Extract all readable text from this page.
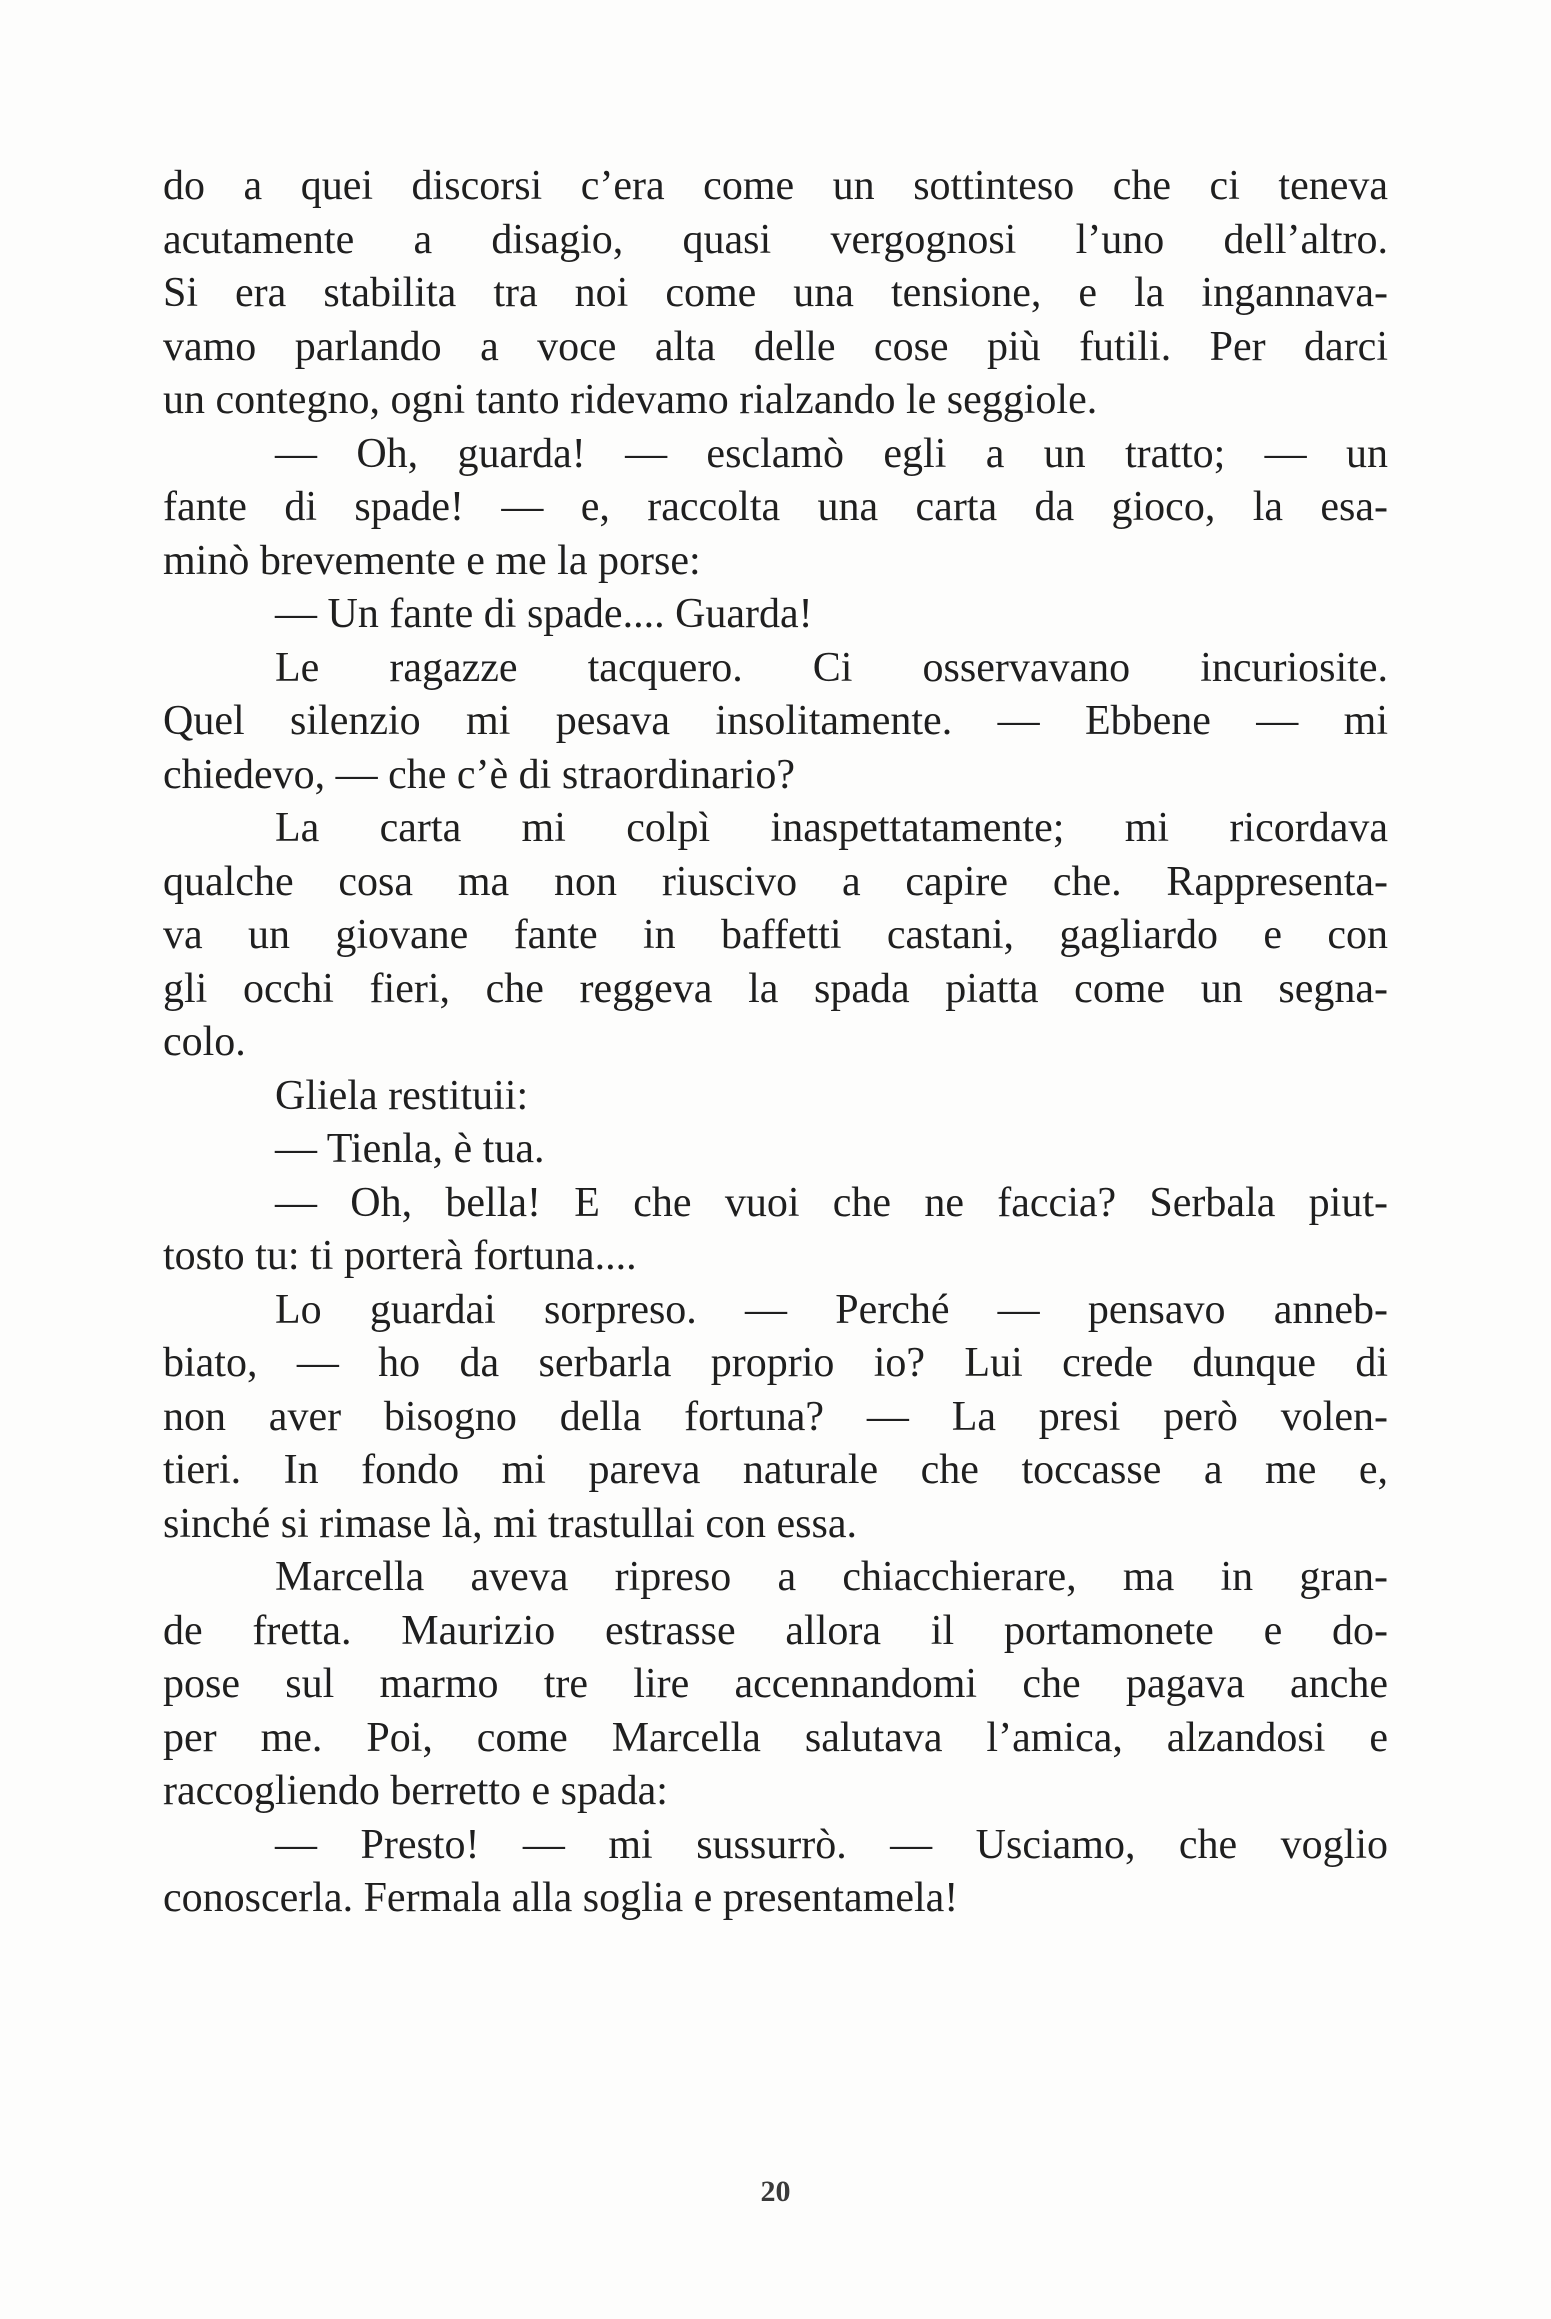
do a quei discorsi c’era come un sottinteso che ci teneva
acutamente a disagio, quasi vergognosi l’uno dell’altro.
Si era stabilita tra noi come una tensione, e la ingannava-
vamo parlando a voce alta delle cose più futili. Per darci
un contegno, ogni tanto ridevamo rialzando le seggiole.
— Oh, guarda! — esclamò egli a un tratto; — un
fante di spade! — e, raccolta una carta da gioco, la esa-
minò brevemente e me la porse:
— Un fante di spade.... Guarda!
Le ragazze tacquero. Ci osservavano incuriosite.
Quel silenzio mi pesava insolitamente. — Ebbene — mi
chiedevo, — che c’è di straordinario?
La carta mi colpì inaspettatamente; mi ricordava
qualche cosa ma non riuscivo a capire che. Rappresenta-
va un giovane fante in baffetti castani, gagliardo e con
gli occhi fieri, che reggeva la spada piatta come un segna-
colo.
Gliela restituii:
— Tienla, è tua.
— Oh, bella! E che vuoi che ne faccia? Serbala piut-
tosto tu: ti porterà fortuna....
Lo guardai sorpreso. — Perché — pensavo anneb-
biato, — ho da serbarla proprio io? Lui crede dunque di
non aver bisogno della fortuna? — La presi però volen-
tieri. In fondo mi pareva naturale che toccasse a me e,
sinché si rimase là, mi trastullai con essa.
Marcella aveva ripreso a chiacchierare, ma in gran-
de fretta. Maurizio estrasse allora il portamonete e do-
pose sul marmo tre lire accennandomi che pagava anche
per me. Poi, come Marcella salutava l’amica, alzandosi e
raccogliendo berretto e spada:
— Presto! — mi sussurrò. — Usciamo, che voglio
conoscerla. Fermala alla soglia e presentamela!
20
